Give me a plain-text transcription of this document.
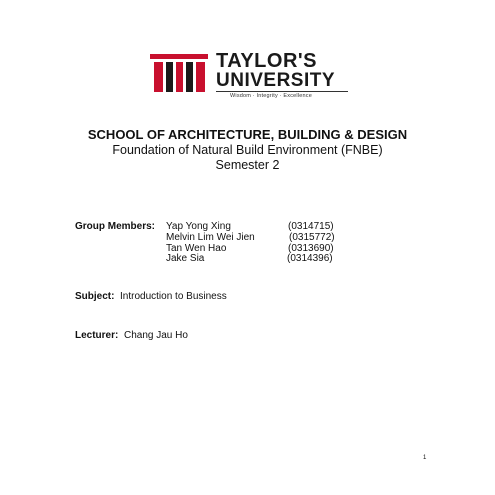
TAYLOR'S
UNIVERSITY
Wisdom · Integrity · Excellence
SCHOOL OF ARCHITECTURE, BUILDING & DESIGN
Foundation of Natural Build Environment (FNBE)
Semester 2
Group Members: Yap Yong Xing	(0314715)
Melvin Lim Wei Jien	(0315772)
Tan Wen Hao	(0313690)
Jake Sia	(0314396)
Subject: Introduction to Business
Lecturer: Chang Jau Ho
1
